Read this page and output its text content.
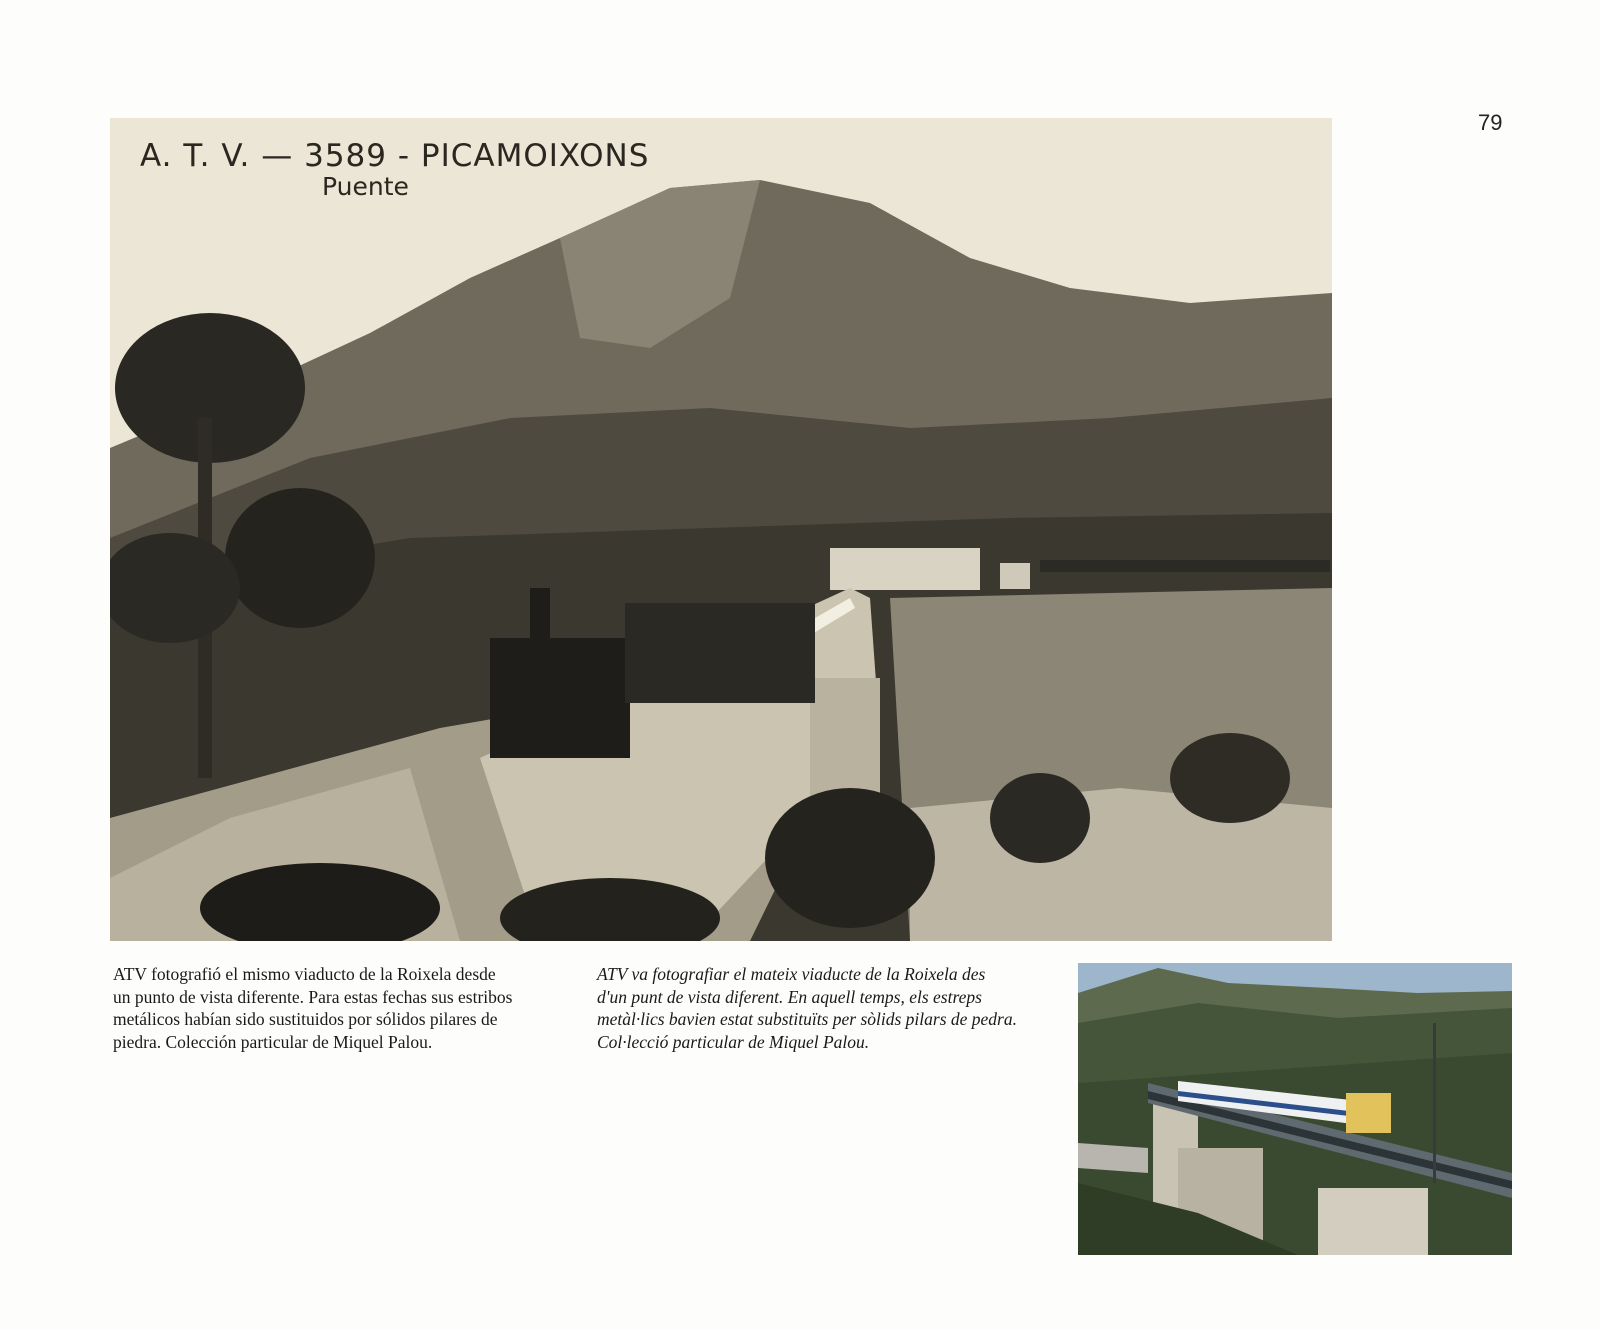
79
A. T. V. — 3589 - PICAMOIXONS
Puente
ATV fotografió el mismo viaducto de la Roixela desde un punto de vista diferente. Para estas fechas sus estribos metálicos habían sido sustituidos por sólidos pilares de piedra. Colección particular de Miquel Palou.
ATV va fotografiar el mateix viaducte de la Roixela des d'un punt de vista diferent. En aquell temps, els estreps metàl·lics bavien estat substituïts per sòlids pilars de pedra. Col·lecció particular de Miquel Palou.
